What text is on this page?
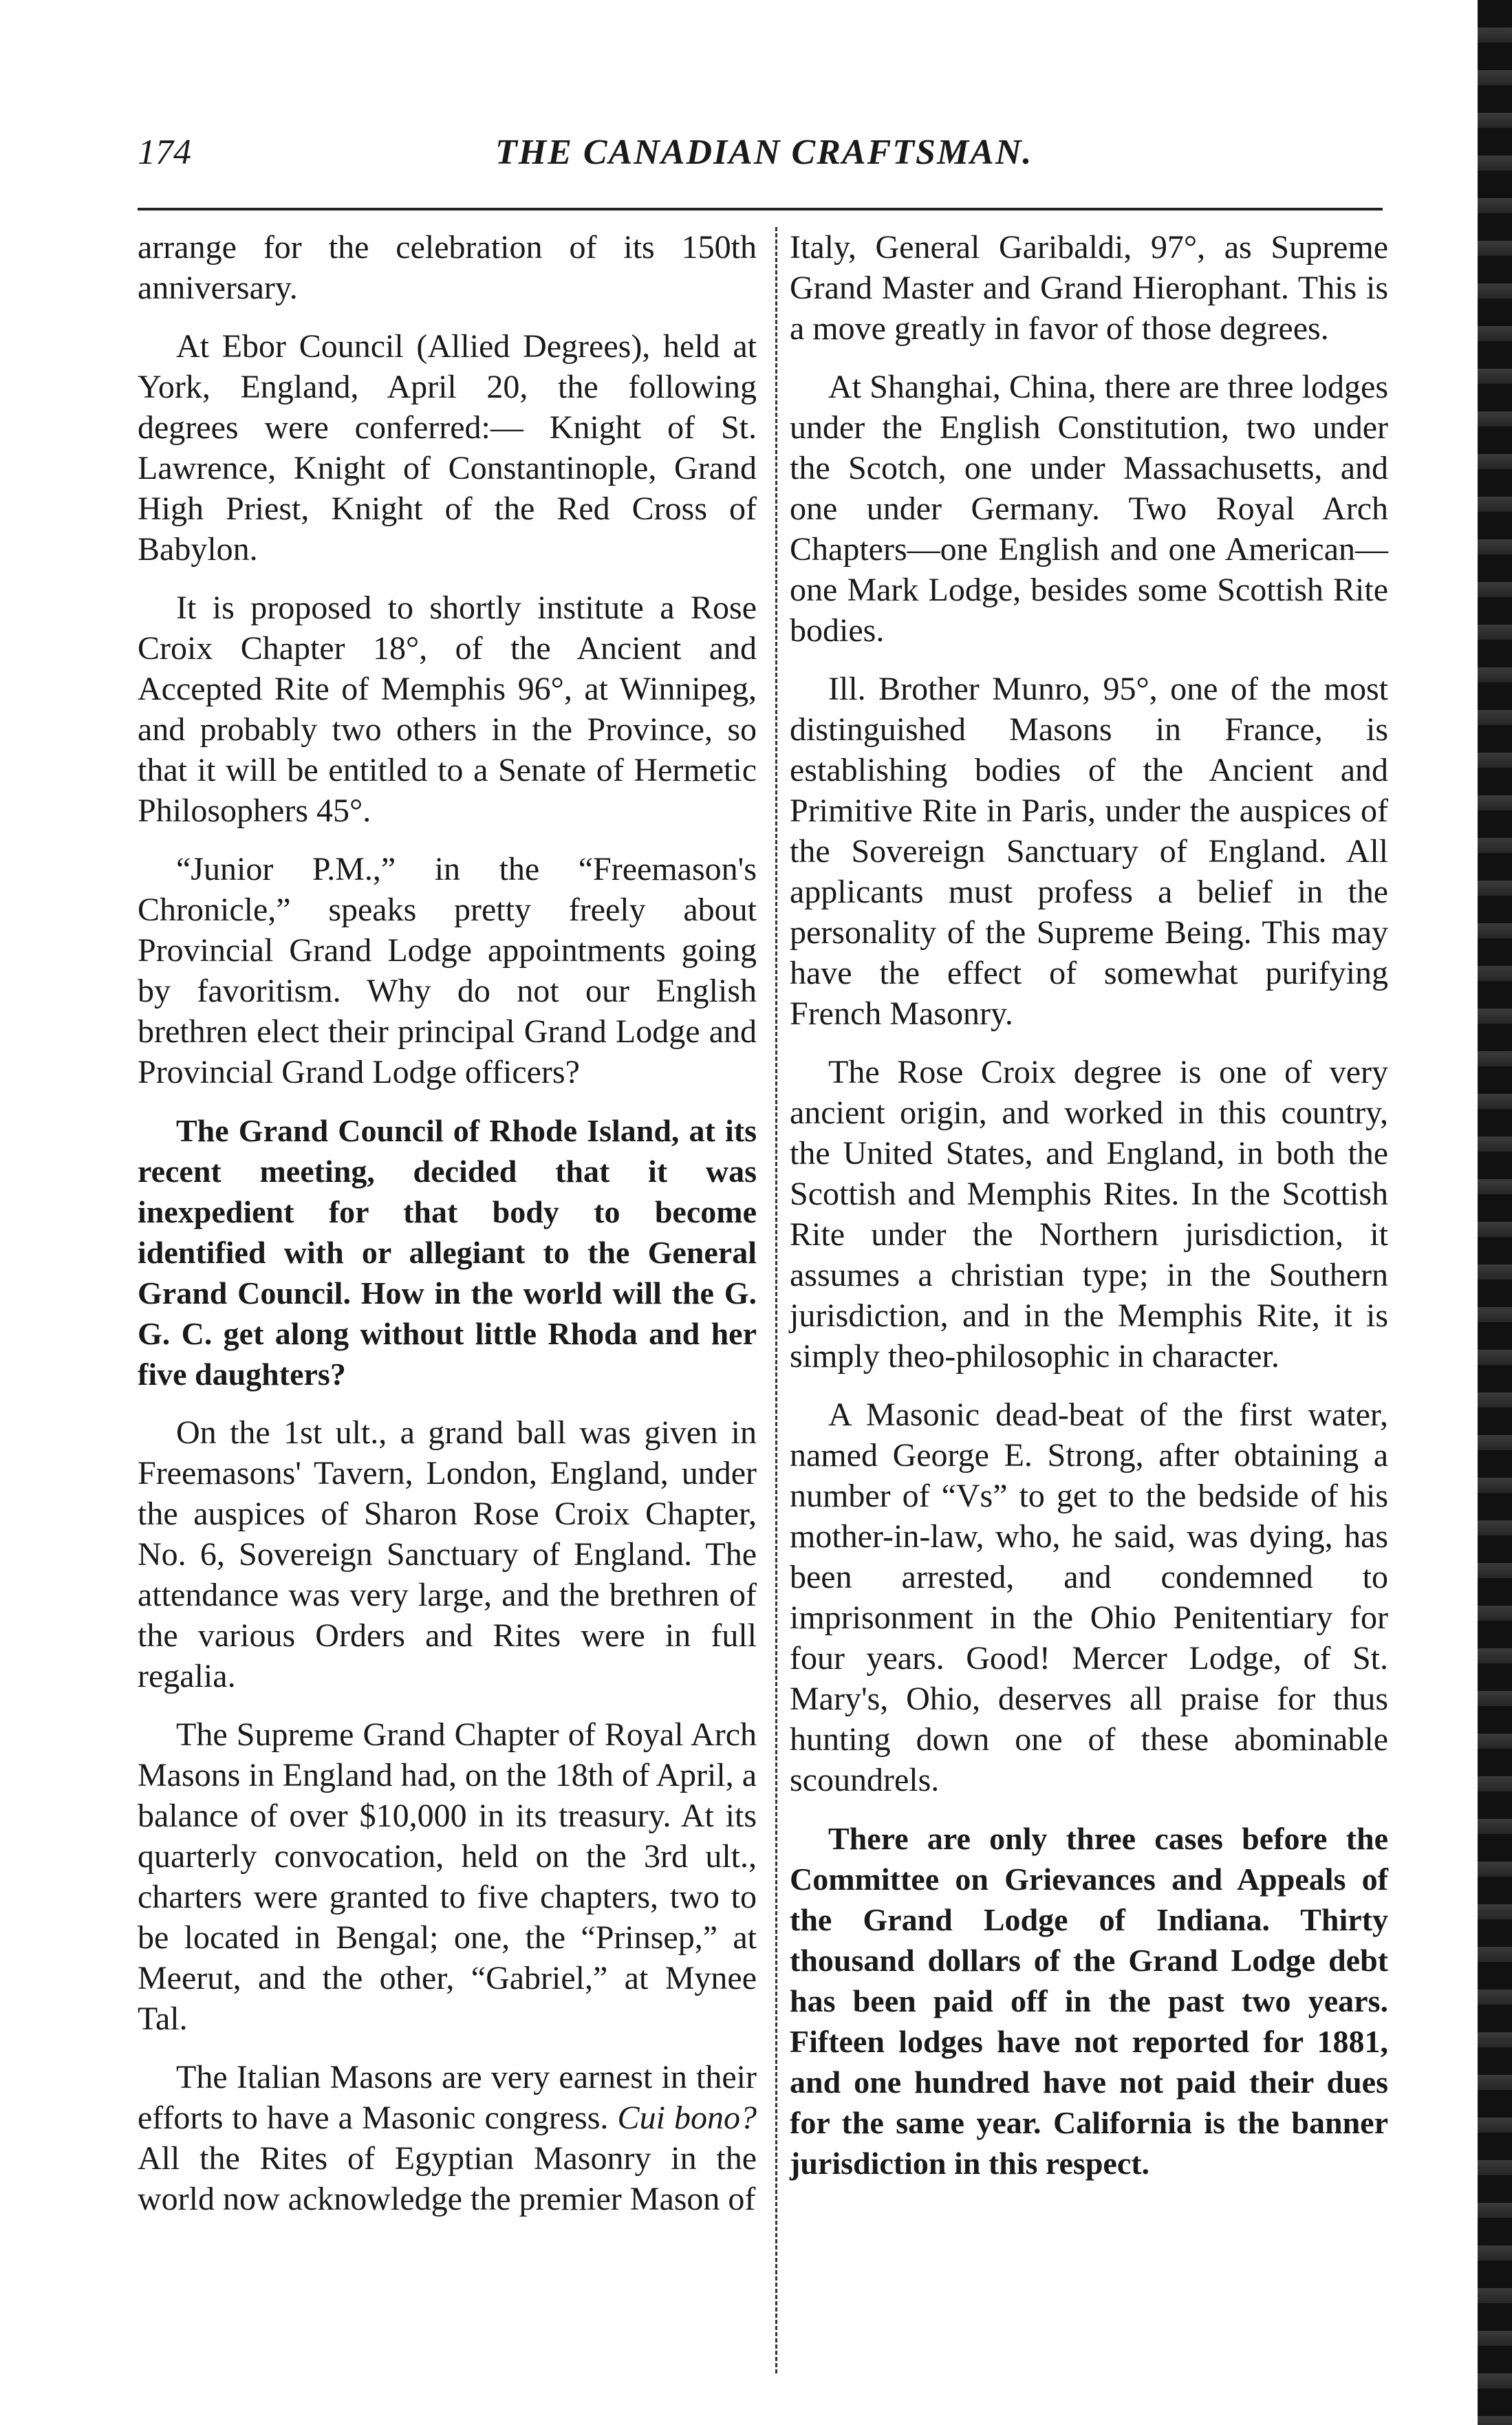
174	THE CANADIAN CRAFTSMAN.

arrange for the celebration of its 150th anniversary.

At Ebor Council (Allied Degrees), held at York, England, April 20, the following degrees were conferred:— Knight of St. Lawrence, Knight of Constantinople, Grand High Priest, Knight of the Red Cross of Babylon.

It is proposed to shortly institute a Rose Croix Chapter 18°, of the Ancient and Accepted Rite of Memphis 96°, at Winnipeg, and probably two others in the Province, so that it will be entitled to a Senate of Hermetic Philosophers 45°.

“Junior P.M.,” in the “Freemason's Chronicle,” speaks pretty freely about Provincial Grand Lodge appointments going by favoritism. Why do not our English brethren elect their principal Grand Lodge and Provincial Grand Lodge officers?

The Grand Council of Rhode Island, at its recent meeting, decided that it was inexpedient for that body to become identified with or allegiant to the General Grand Council. How in the world will the G. G. C. get along without little Rhoda and her five daughters?

On the 1st ult., a grand ball was given in Freemasons' Tavern, London, England, under the auspices of Sharon Rose Croix Chapter, No. 6, Sovereign Sanctuary of England. The attendance was very large, and the brethren of the various Orders and Rites were in full regalia.

The Supreme Grand Chapter of Royal Arch Masons in England had, on the 18th of April, a balance of over $10,000 in its treasury. At its quarterly convocation, held on the 3rd ult., charters were granted to five chapters, two to be located in Bengal; one, the “Prinsep,” at Meerut, and the other, “Gabriel,” at Mynee Tal.

The Italian Masons are very earnest in their efforts to have a Masonic congress. Cui bono? All the Rites of Egyptian Masonry in the world now acknowledge the premier Mason of

Italy, General Garibaldi, 97°, as Supreme Grand Master and Grand Hierophant. This is a move greatly in favor of those degrees.

At Shanghai, China, there are three lodges under the English Constitution, two under the Scotch, one under Massachusetts, and one under Germany. Two Royal Arch Chapters—one English and one American—one Mark Lodge, besides some Scottish Rite bodies.

Ill. Brother Munro, 95°, one of the most distinguished Masons in France, is establishing bodies of the Ancient and Primitive Rite in Paris, under the auspices of the Sovereign Sanctuary of England. All applicants must profess a belief in the personality of the Supreme Being. This may have the effect of somewhat purifying French Masonry.

The Rose Croix degree is one of very ancient origin, and worked in this country, the United States, and England, in both the Scottish and Memphis Rites. In the Scottish Rite under the Northern jurisdiction, it assumes a christian type; in the Southern jurisdiction, and in the Memphis Rite, it is simply theo-philosophic in character.

A Masonic dead-beat of the first water, named George E. Strong, after obtaining a number of “Vs” to get to the bedside of his mother-in-law, who, he said, was dying, has been arrested, and condemned to imprisonment in the Ohio Penitentiary for four years. Good! Mercer Lodge, of St. Mary's, Ohio, deserves all praise for thus hunting down one of these abominable scoundrels.

There are only three cases before the Committee on Grievances and Appeals of the Grand Lodge of Indiana. Thirty thousand dollars of the Grand Lodge debt has been paid off in the past two years. Fifteen lodges have not reported for 1881, and one hundred have not paid their dues for the same year. California is the banner jurisdiction in this respect.
